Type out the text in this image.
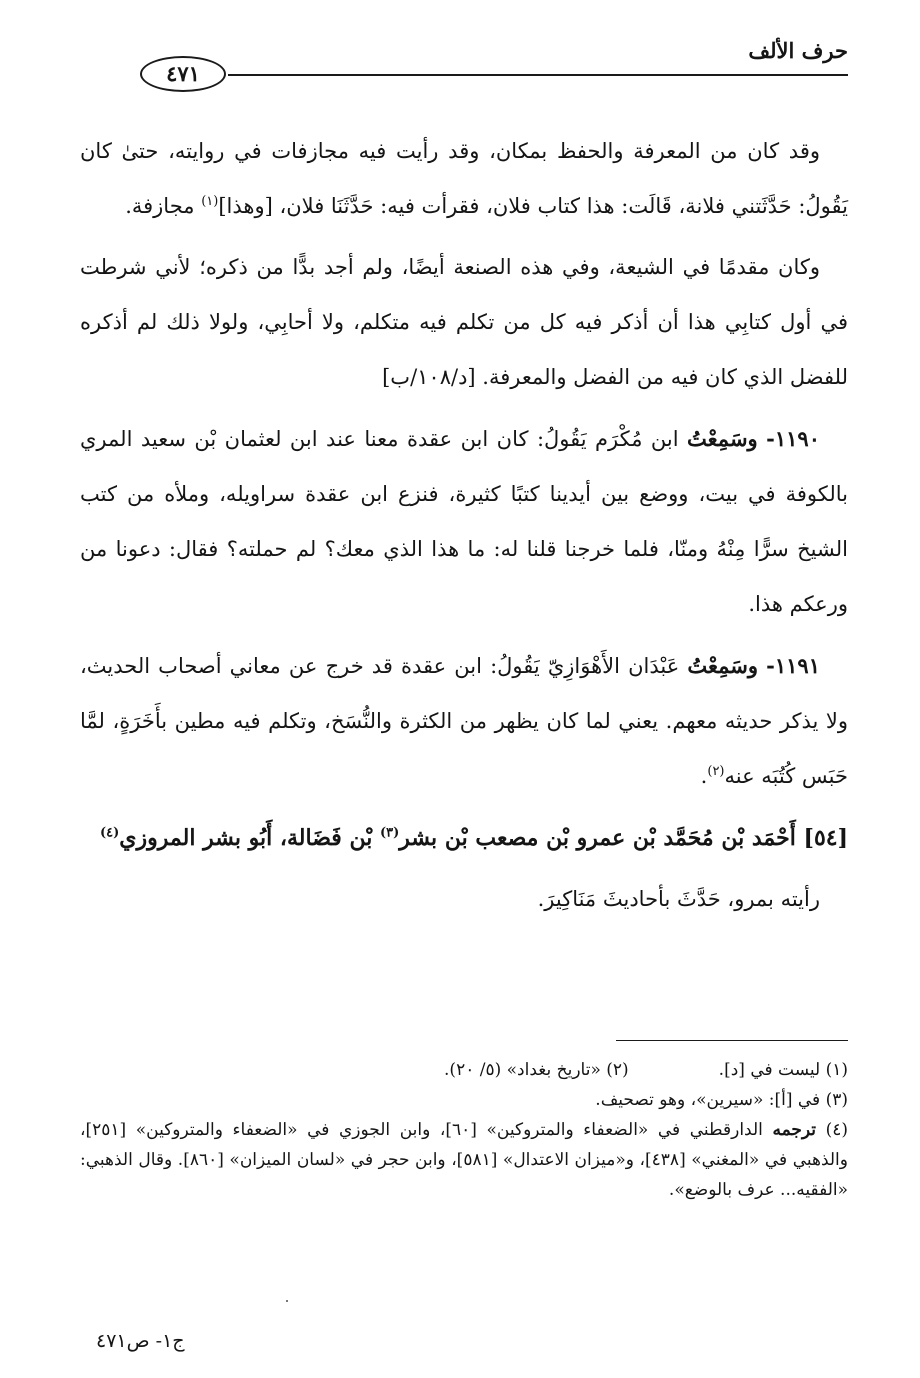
حرف الألف
٤٧١

وقد كان من المعرفة والحفظ بمكان، وقد رأيت فيه مجازفات في روايته، حتىٰ كان يَقُولُ: حَدَّثَتني فلانة، قَالَت: هذا كتاب فلان، فقرأت فيه: حَدَّثَنَا فلان، [وهذا]$^{(١)}$ مجازفة.

وكان مقدمًا في الشيعة، وفي هذه الصنعة أيضًا، ولم أجد بدًّا من ذكره؛ لأني شرطت في أول كتابِي هذا أن أذكر فيه كل من تكلم فيه متكلم، ولا أحابِي، ولولا ذلك لم أذكره للفضل الذي كان فيه من الفضل والمعرفة. [د/١٠٨/ب]

١١٩٠- وسَمِعْتُ ابن مُكْرَم يَقُولُ: كان ابن عقدة معنا عند ابن لعثمان بْن سعيد المري بالكوفة في بيت، ووضع بين أيدينا كتبًا كثيرة، فنزع ابن عقدة سراويله، وملأه من كتب الشيخ سرًّا مِنْهُ ومنّا، فلما خرجنا قلنا له: ما هذا الذي معك؟ لم حملته؟ فقال: دعونا من ورعكم هذا.

١١٩١- وسَمِعْتُ عَبْدَان الأَهْوَازِيّ يَقُولُ: ابن عقدة قد خرج عن معاني أصحاب الحديث، ولا يذكر حديثه معهم. يعني لما كان يظهر من الكثرة والنُّسَخ، وتكلم فيه مطين بأَخَرَةٍ، لمَّا حَبَس كُتُبَه عنه$^{(٢)}$.

[٥٤] أَحْمَد بْن مُحَمَّد بْن عمرو بْن مصعب بْن بشر$^{(٣)}$ بْن فَضَالة، أَبُو بشر المروزي$^{(٤)}$

رأيته بمرو، حَدَّثَ بأحاديثَ مَنَاكِيرَ.

(١) ليست في [د].
(٢) «تاريخ بغداد» (٥/ ٢٠).
(٣) في [أ]: «سيرين»، وهو تصحيف.
(٤) ترجمه الدارقطني في «الضعفاء والمتروكين» [٦٠]، وابن الجوزي في «الضعفاء والمتروكين» [٢٥١]، والذهبي في «المغني» [٤٣٨]، و«ميزان الاعتدال» [٥٨١]، وابن حجر في «لسان الميزان» [٨٦٠]. وقال الذهبي: «الفقيه... عرف بالوضع».
ج١- ص٤٧١
